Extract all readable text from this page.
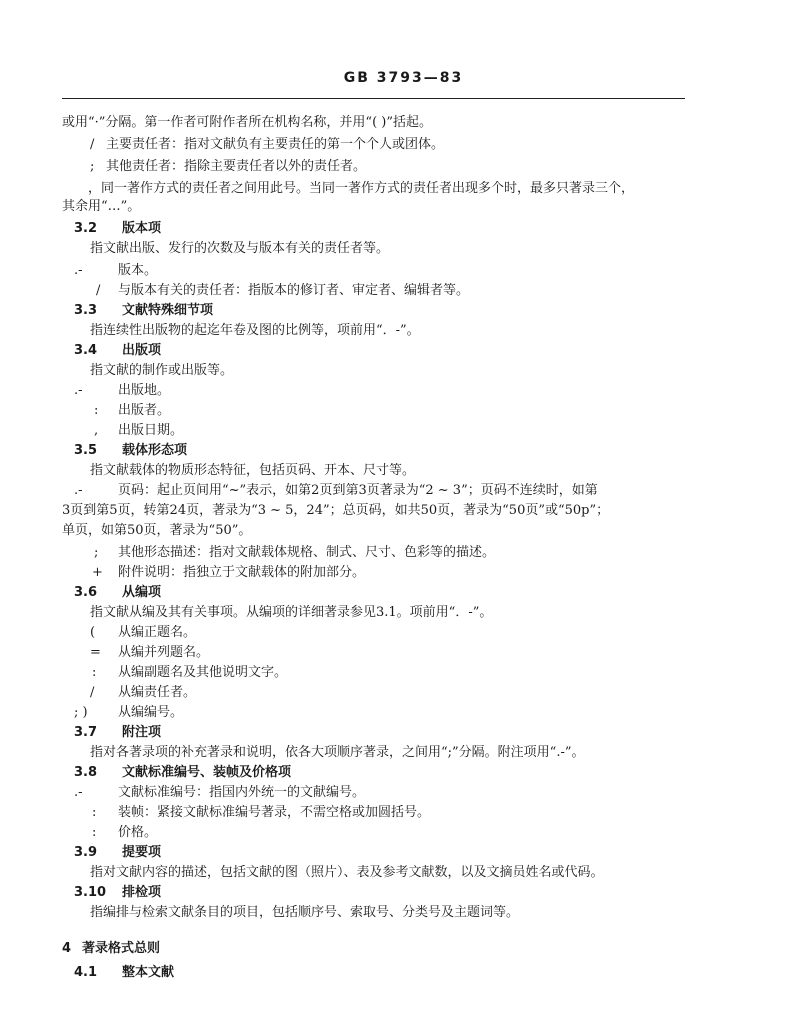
GB 3793—83
或用“·”分隔。第一作者可附作者所在机构名称，并用“( )”括起。
/ 主要责任者：指对文献负有主要责任的第一个个人或团体。
; 其他责任者：指除主要责任者以外的责任者。
，同一著作方式的责任者之间用此号。当同一著作方式的责任者出现多个时，最多只著录三个，
其余用“…”。
3.2 版本项
指文献出版、发行的次数及与版本有关的责任者等。
.-	版本。
/ 与版本有关的责任者：指版本的修订者、审定者、编辑者等。
3.3 文献特殊细节项
指连续性出版物的起迄年卷及图的比例等，项前用“．-”。
3.4 出版项
指文献的制作或出版等。
.-	出版地。
: 出版者。
, 出版日期。
3.5 载体形态项
指文献载体的物质形态特征，包括页码、开本、尺寸等。
.-	页码：起止页间用“~”表示，如第2页到第3页著录为“2 ~ 3”；页码不连续时，如第
3页到第5页，转第24页，著录为“3 ~ 5，24”；总页码，如共50页，著录为“50页”或“50p”；
单页，如第50页，著录为“50”。
; 其他形态描述：指对文献载体规格、制式、尺寸、色彩等的描述。
+ 附件说明：指独立于文献载体的附加部分。
3.6 从编项
指文献从编及其有关事项。从编项的详细著录参见3.1。项前用“．-”。
( 从编正题名。
= 从编并列题名。
: 从编副题名及其他说明文字。
/ 从编责任者。
; ) 从编编号。
3.7 附注项
指对各著录项的补充著录和说明，依各大项顺序著录，之间用“;”分隔。附注项用“.-”。
3.8 文献标准编号、装帧及价格项
.-	文献标准编号：指国内外统一的文献编号。
: 装帧：紧接文献标准编号著录，不需空格或加圆括号。
: 价格。
3.9 提要项
指对文献内容的描述，包括文献的图（照片）、表及参考文献数，以及文摘员姓名或代码。
3.10 排检项
指编排与检索文献条目的项目，包括顺序号、索取号、分类号及主题词等。
4 著录格式总则
4.1 整本文献
